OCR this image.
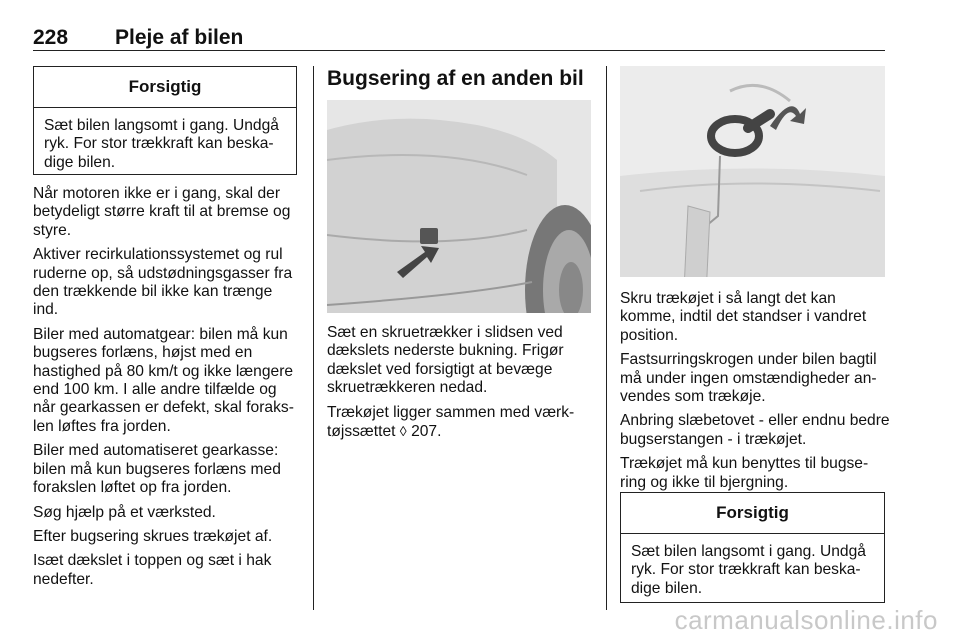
228 Pleje af bilen
Forsigtig
Sæt bilen langsomt i gang. Undgå ryk. For stor trækkraft kan beska-dige bilen.

Når motoren ikke er i gang, skal der betydeligt større kraft til at bremse og styre.

Aktiver recirkulationssystemet og rul ruderne op, så udstødningsgasser fra den trækkende bil ikke kan trænge ind.

Biler med automatgear: bilen må kun bugseres forlæns, højst med en hastighed på 80 km/t og ikke længere end 100 km. I alle andre tilfælde og når gearkassen er defekt, skal foraks-len løftes fra jorden.

Biler med automatiseret gearkasse: bilen må kun bugseres forlæns med forakslen løftet op fra jorden.

Søg hjælp på et værksted.

Efter bugsering skrues trækøjet af.

Isæt dækslet i toppen og sæt i hak nedefter.

Bugsering af en anden bil

Sæt en skruetrækker i slidsen ved dækslets nederste bukning. Frigør dækslet ved forsigtigt at bevæge skruetrækkeren nedad.

Trækøjet ligger sammen med værk-tøjssættet ◊ 207.

Skru trækøjet i så langt det kan komme, indtil det standser i vandret position.

Fastsurringskrogen under bilen bagtil må under ingen omstændigheder an-vendes som trækøje.

Anbring slæbetovet - eller endnu bedre bugserstangen - i trækøjet.

Trækøjet må kun benyttes til bugse-ring og ikke til bjergning.

Forsigtig
Sæt bilen langsomt i gang. Undgå ryk. For stor trækkraft kan beska-dige bilen.
carmanualsonline.info
